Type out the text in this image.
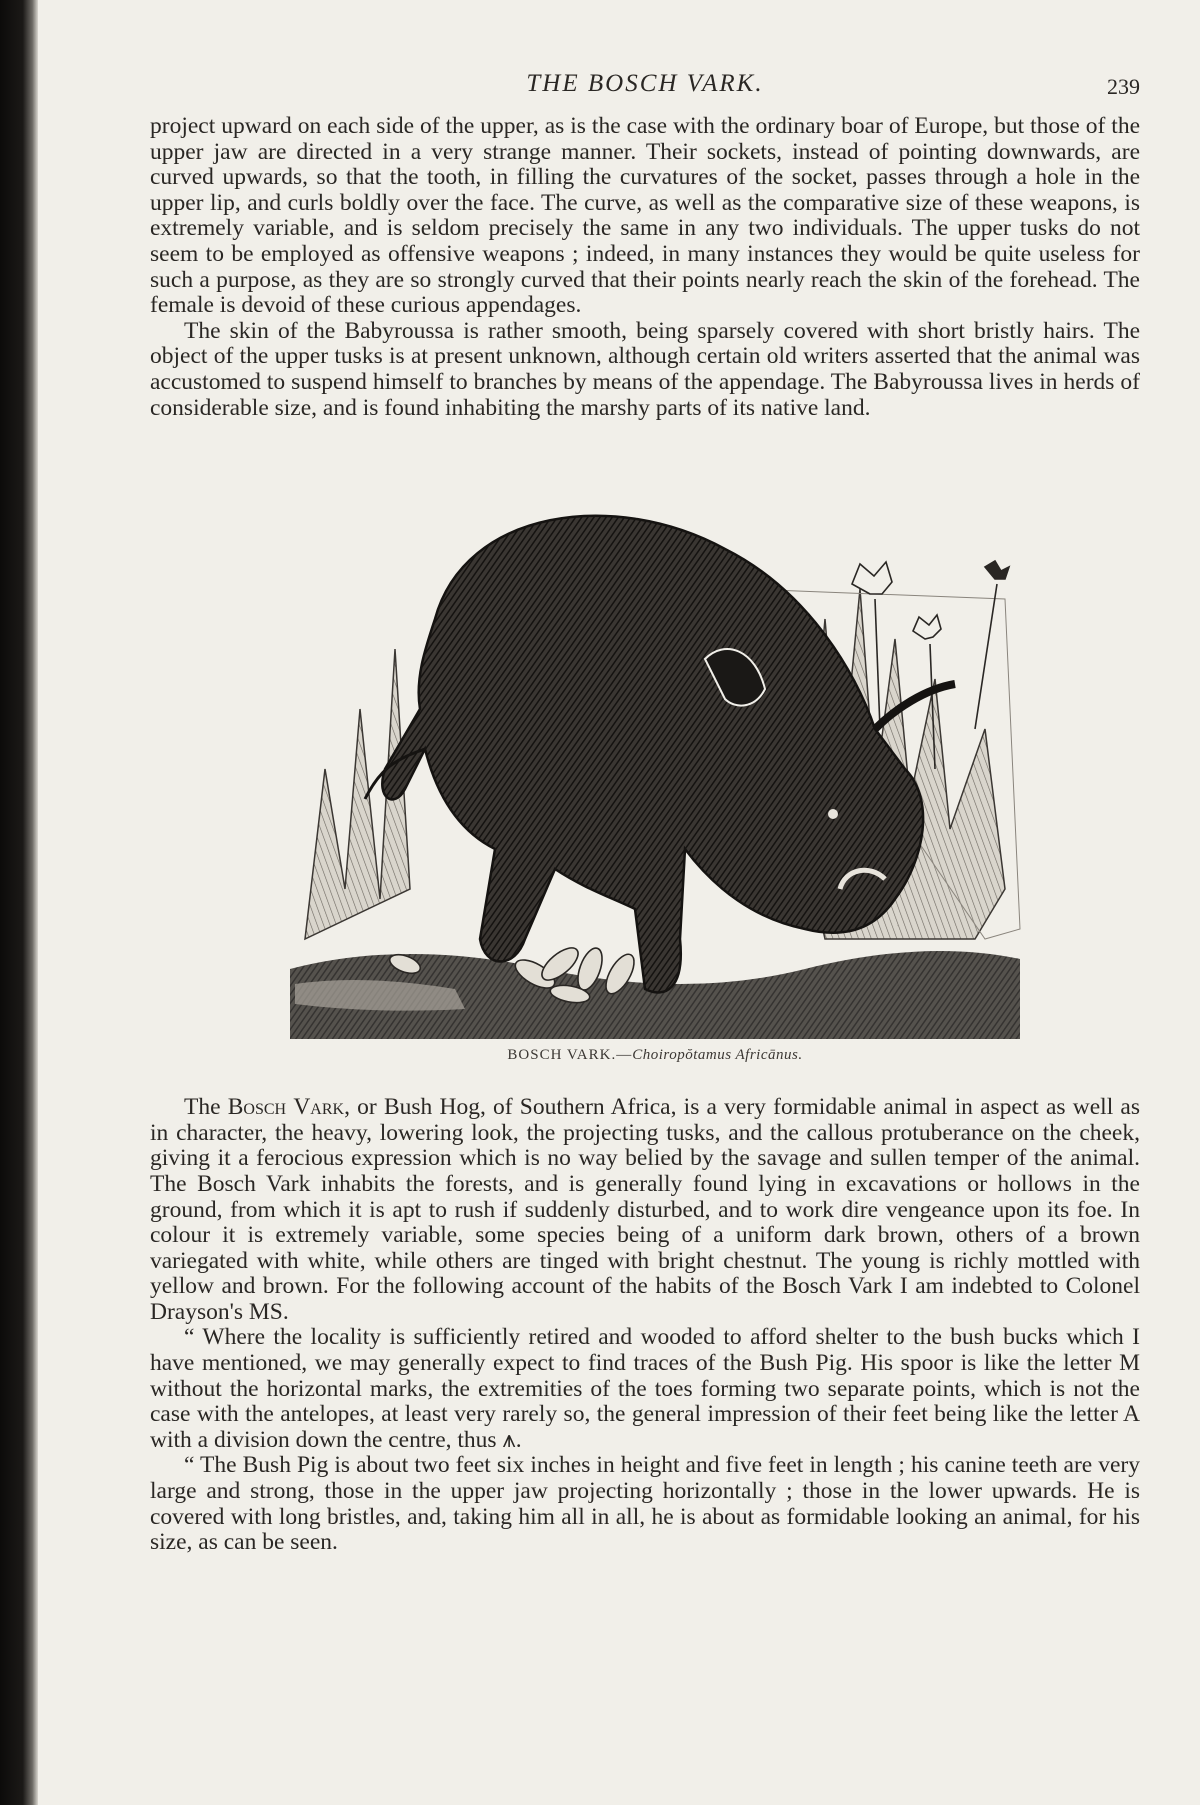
THE BOSCH VARK.	239

project upward on each side of the upper, as is the case with the ordinary boar of Europe, but those of the upper jaw are directed in a very strange manner. Their sockets, instead of pointing downwards, are curved upwards, so that the tooth, in filling the curvatures of the socket, passes through a hole in the upper lip, and curls boldly over the face. The curve, as well as the comparative size of these weapons, is extremely variable, and is seldom precisely the same in any two individuals. The upper tusks do not seem to be employed as offensive weapons ; indeed, in many instances they would be quite useless for such a purpose, as they are so strongly curved that their points nearly reach the skin of the forehead. The female is devoid of these curious appendages.

The skin of the Babyroussa is rather smooth, being sparsely covered with short bristly hairs. The object of the upper tusks is at present unknown, although certain old writers asserted that the animal was accustomed to suspend himself to branches by means of the appendage. The Babyroussa lives in herds of considerable size, and is found inhabiting the marshy parts of its native land.

BOSCH VARK.—Choiropŏtamus Africānus.

The Bosch Vark, or Bush Hog, of Southern Africa, is a very formidable animal in aspect as well as in character, the heavy, lowering look, the projecting tusks, and the callous protuberance on the cheek, giving it a ferocious expression which is no way belied by the savage and sullen temper of the animal. The Bosch Vark inhabits the forests, and is generally found lying in excavations or hollows in the ground, from which it is apt to rush if suddenly disturbed, and to work dire vengeance upon its foe. In colour it is extremely variable, some species being of a uniform dark brown, others of a brown variegated with white, while others are tinged with bright chestnut. The young is richly mottled with yellow and brown. For the following account of the habits of the Bosch Vark I am indebted to Colonel Drayson's MS.

“ Where the locality is sufficiently retired and wooded to afford shelter to the bush bucks which I have mentioned, we may generally expect to find traces of the Bush Pig. His spoor is like the letter M without the horizontal marks, the extremities of the toes forming two separate points, which is not the case with the antelopes, at least very rarely so, the general impression of their feet being like the letter A with a division down the centre, thus ⩚.

“ The Bush Pig is about two feet six inches in height and five feet in length ; his canine teeth are very large and strong, those in the upper jaw projecting horizontally ; those in the lower upwards. He is covered with long bristles, and, taking him all in all, he is about as formidable looking an animal, for his size, as can be seen.
